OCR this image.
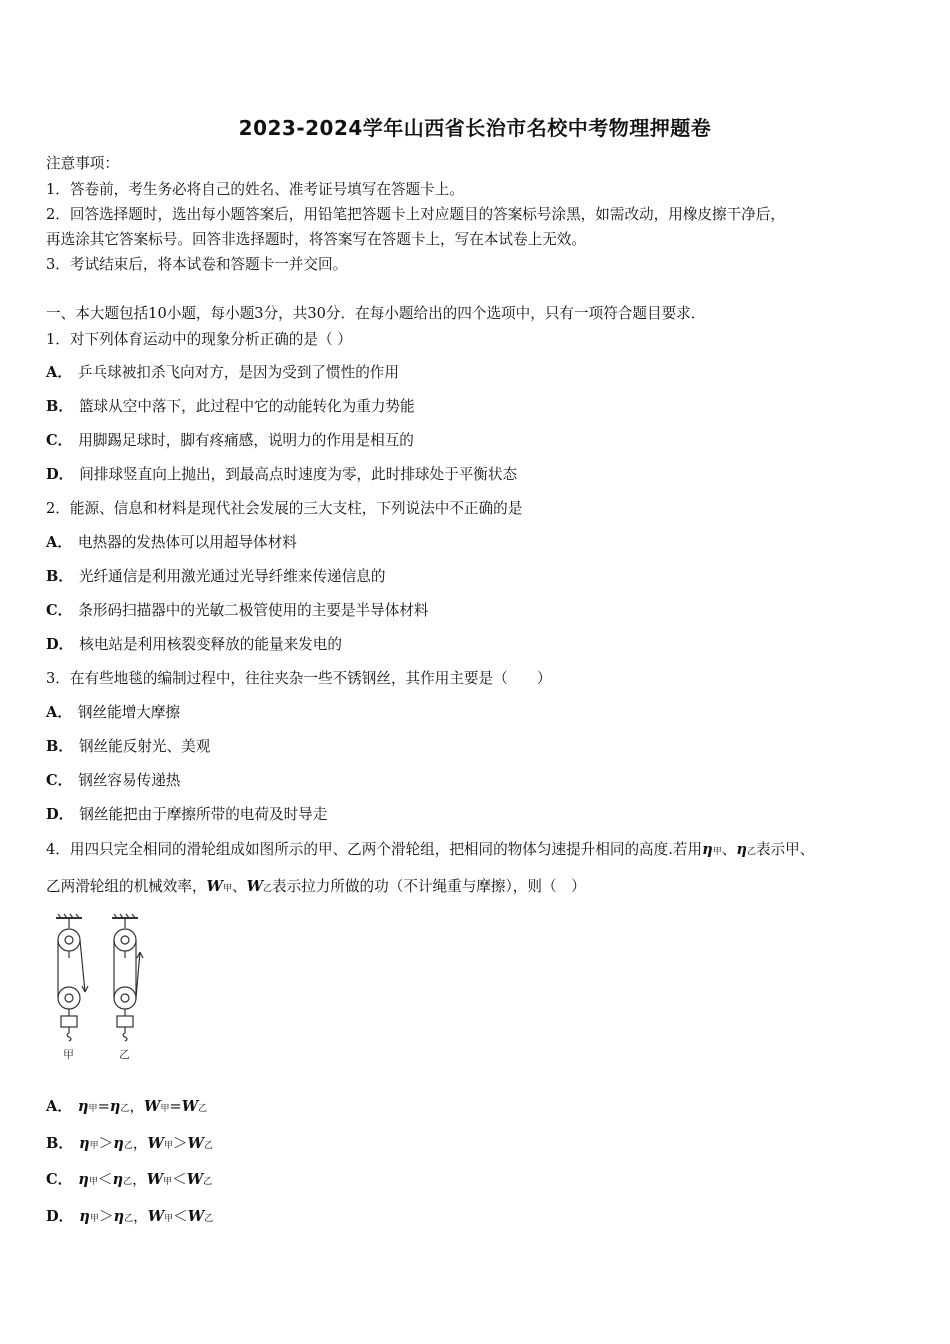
2023-2024学年山西省长治市名校中考物理押题卷
注意事项：
1．答卷前，考生务必将自己的姓名、准考证号填写在答题卡上。
2．回答选择题时，选出每小题答案后，用铅笔把答题卡上对应题目的答案标号涂黑，如需改动，用橡皮擦干净后，
再选涂其它答案标号。回答非选择题时，将答案写在答题卡上，写在本试卷上无效。
3．考试结束后，将本试卷和答题卡一并交回。
一、本大题包括10小题，每小题3分，共30分．在每小题给出的四个选项中，只有一项符合题目要求．
1．对下列体育运动中的现象分析正确的是（ ）
A． 乒乓球被扣杀飞向对方，是因为受到了惯性的作用
B． 篮球从空中落下，此过程中它的动能转化为重力势能
C． 用脚踢足球时，脚有疼痛感，说明力的作用是相互的
D． 间排球竖直向上抛出，到最高点时速度为零，此时排球处于平衡状态
2．能源、信息和材料是现代社会发展的三大支柱，下列说法中不正确的是
A． 电热器的发热体可以用超导体材料
B． 光纤通信是利用激光通过光导纤维来传递信息的
C． 条形码扫描器中的光敏二极管使用的主要是半导体材料
D． 核电站是利用核裂变释放的能量来发电的
3．在有些地毯的编制过程中，往往夹杂一些不锈钢丝，其作用主要是（　　）
A． 钢丝能增大摩擦
B． 钢丝能反射光、美观
C． 钢丝容易传递热
D． 钢丝能把由于摩擦所带的电荷及时导走
4．用四只完全相同的滑轮组成如图所示的甲、乙两个滑轮组，把相同的物体匀速提升相同的高度.若用η甲、η乙表示甲、
乙两滑轮组的机械效率，W甲、W乙表示拉力所做的功（不计绳重与摩擦），则（　）
甲	乙
A． η甲=η乙，W甲=W乙
B． η甲＞η乙，W甲＞W乙
C． η甲＜η乙，W甲＜W乙
D． η甲＞η乙，W甲＜W乙
